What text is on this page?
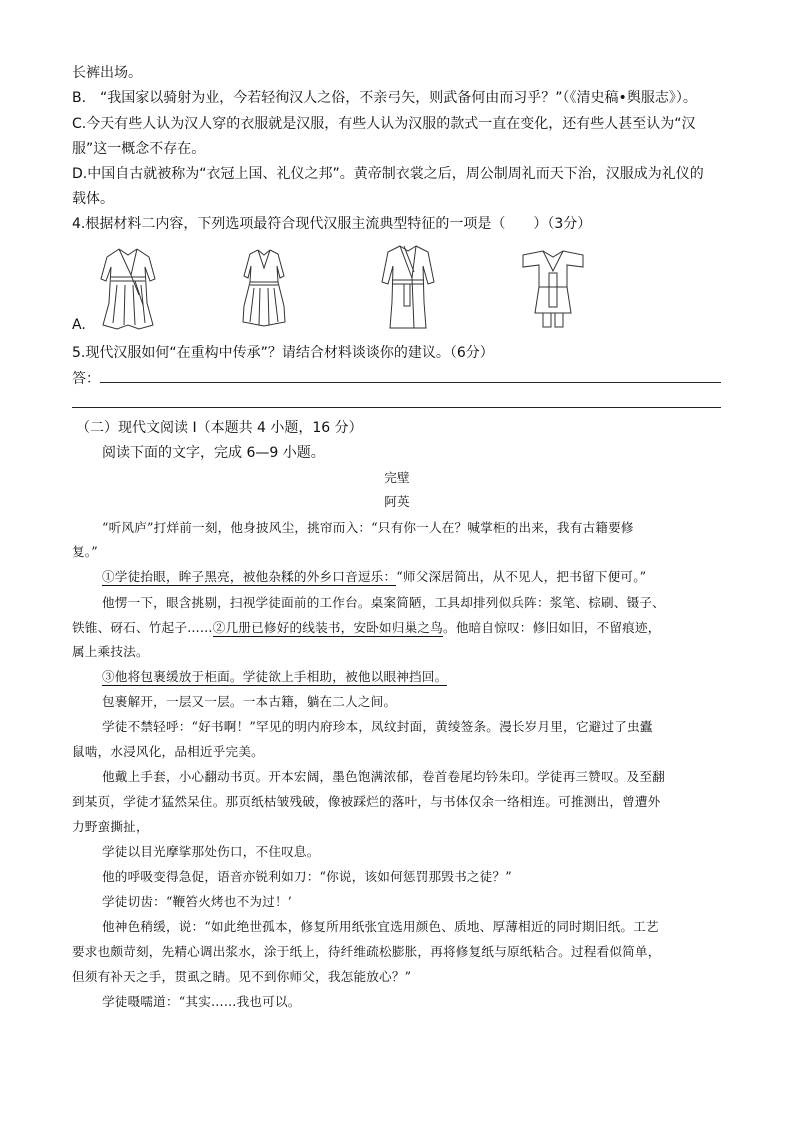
长裤出场。
B.　“我国家以骑射为业，今若轻徇汉人之俗，不亲弓矢，则武备何由而习乎？”（《清史稿•舆服志》）。
C.今天有些人认为汉人穿的衣服就是汉服，有些人认为汉服的款式一直在变化，还有些人甚至认为“汉
服”这一概念不存在。
D.中国自古就被称为“衣冠上国、礼仪之邦”。黄帝制衣裳之后，周公制周礼而天下治，汉服成为礼仪的
载体。
4.根据材料二内容，下列选项最符合现代汉服主流典型特征的一项是（　　）（3分）
A.
5.现代汉服如何“在重构中传承”？请结合材料谈谈你的建议。（6分）
答：
（二）现代文阅读 I（本题共 4 小题，16 分）
阅读下面的文字，完成 6—9 小题。
完壁
阿英
“听风庐”打烊前一刻，他身披风尘，挑帘而入：“只有你一人在？喊掌柜的出来，我有古籍要修
复。”
①学徒抬眼，眸子黑亮，被他杂糅的外乡口音逗乐：“师父深居简出，从不见人，把书留下便可。”
他愣一下，眼含挑剔，扫视学徒面前的工作台。桌案简陋，工具却排列似兵阵：浆笔、棕刷、镊子、
铁锥、砑石、竹起子……②几册已修好的线装书，安卧如归巢之鸟。他暗自惊叹：修旧如旧，不留痕迹，
属上乘技法。
③他将包裹缓放于柜面。学徒欲上手相助，被他以眼神挡回。
包裹解开，一层又一层。一本古籍，躺在二人之间。
学徒不禁轻呼：“好书啊！”罕见的明内府珍本，凤纹封面，黄绫签条。漫长岁月里，它避过了虫蠹
鼠啮，水浸风化，品相近乎完美。
他戴上手套，小心翻动书页。开本宏阔，墨色饱满浓郁，卷首卷尾均钤朱印。学徒再三赞叹。及至翻
到某页，学徒才猛然呆住。那页纸枯皱残破，像被踩烂的落叶，与书体仅余一络相连。可推测出，曾遭外
力野蛮撕扯，
学徒以目光摩挲那处伤口，不住叹息。
他的呼吸变得急促，语音亦锐利如刀：“你说，该如何惩罚那毁书之徒？”
学徒切齿：“鞭笞火烤也不为过！’
他神色稍缓，说：“如此绝世孤本，修复所用纸张宜选用颜色、质地、厚薄相近的同时期旧纸。工艺
要求也颇苛刻，先精心调出浆水，涂于纸上，待纤维疏松膨胀，再将修复纸与原纸粘合。过程看似简单，
但须有补天之手，贯虱之睛。见不到你师父，我怎能放心？”
学徒嗫嚅道：“其实……我也可以。
